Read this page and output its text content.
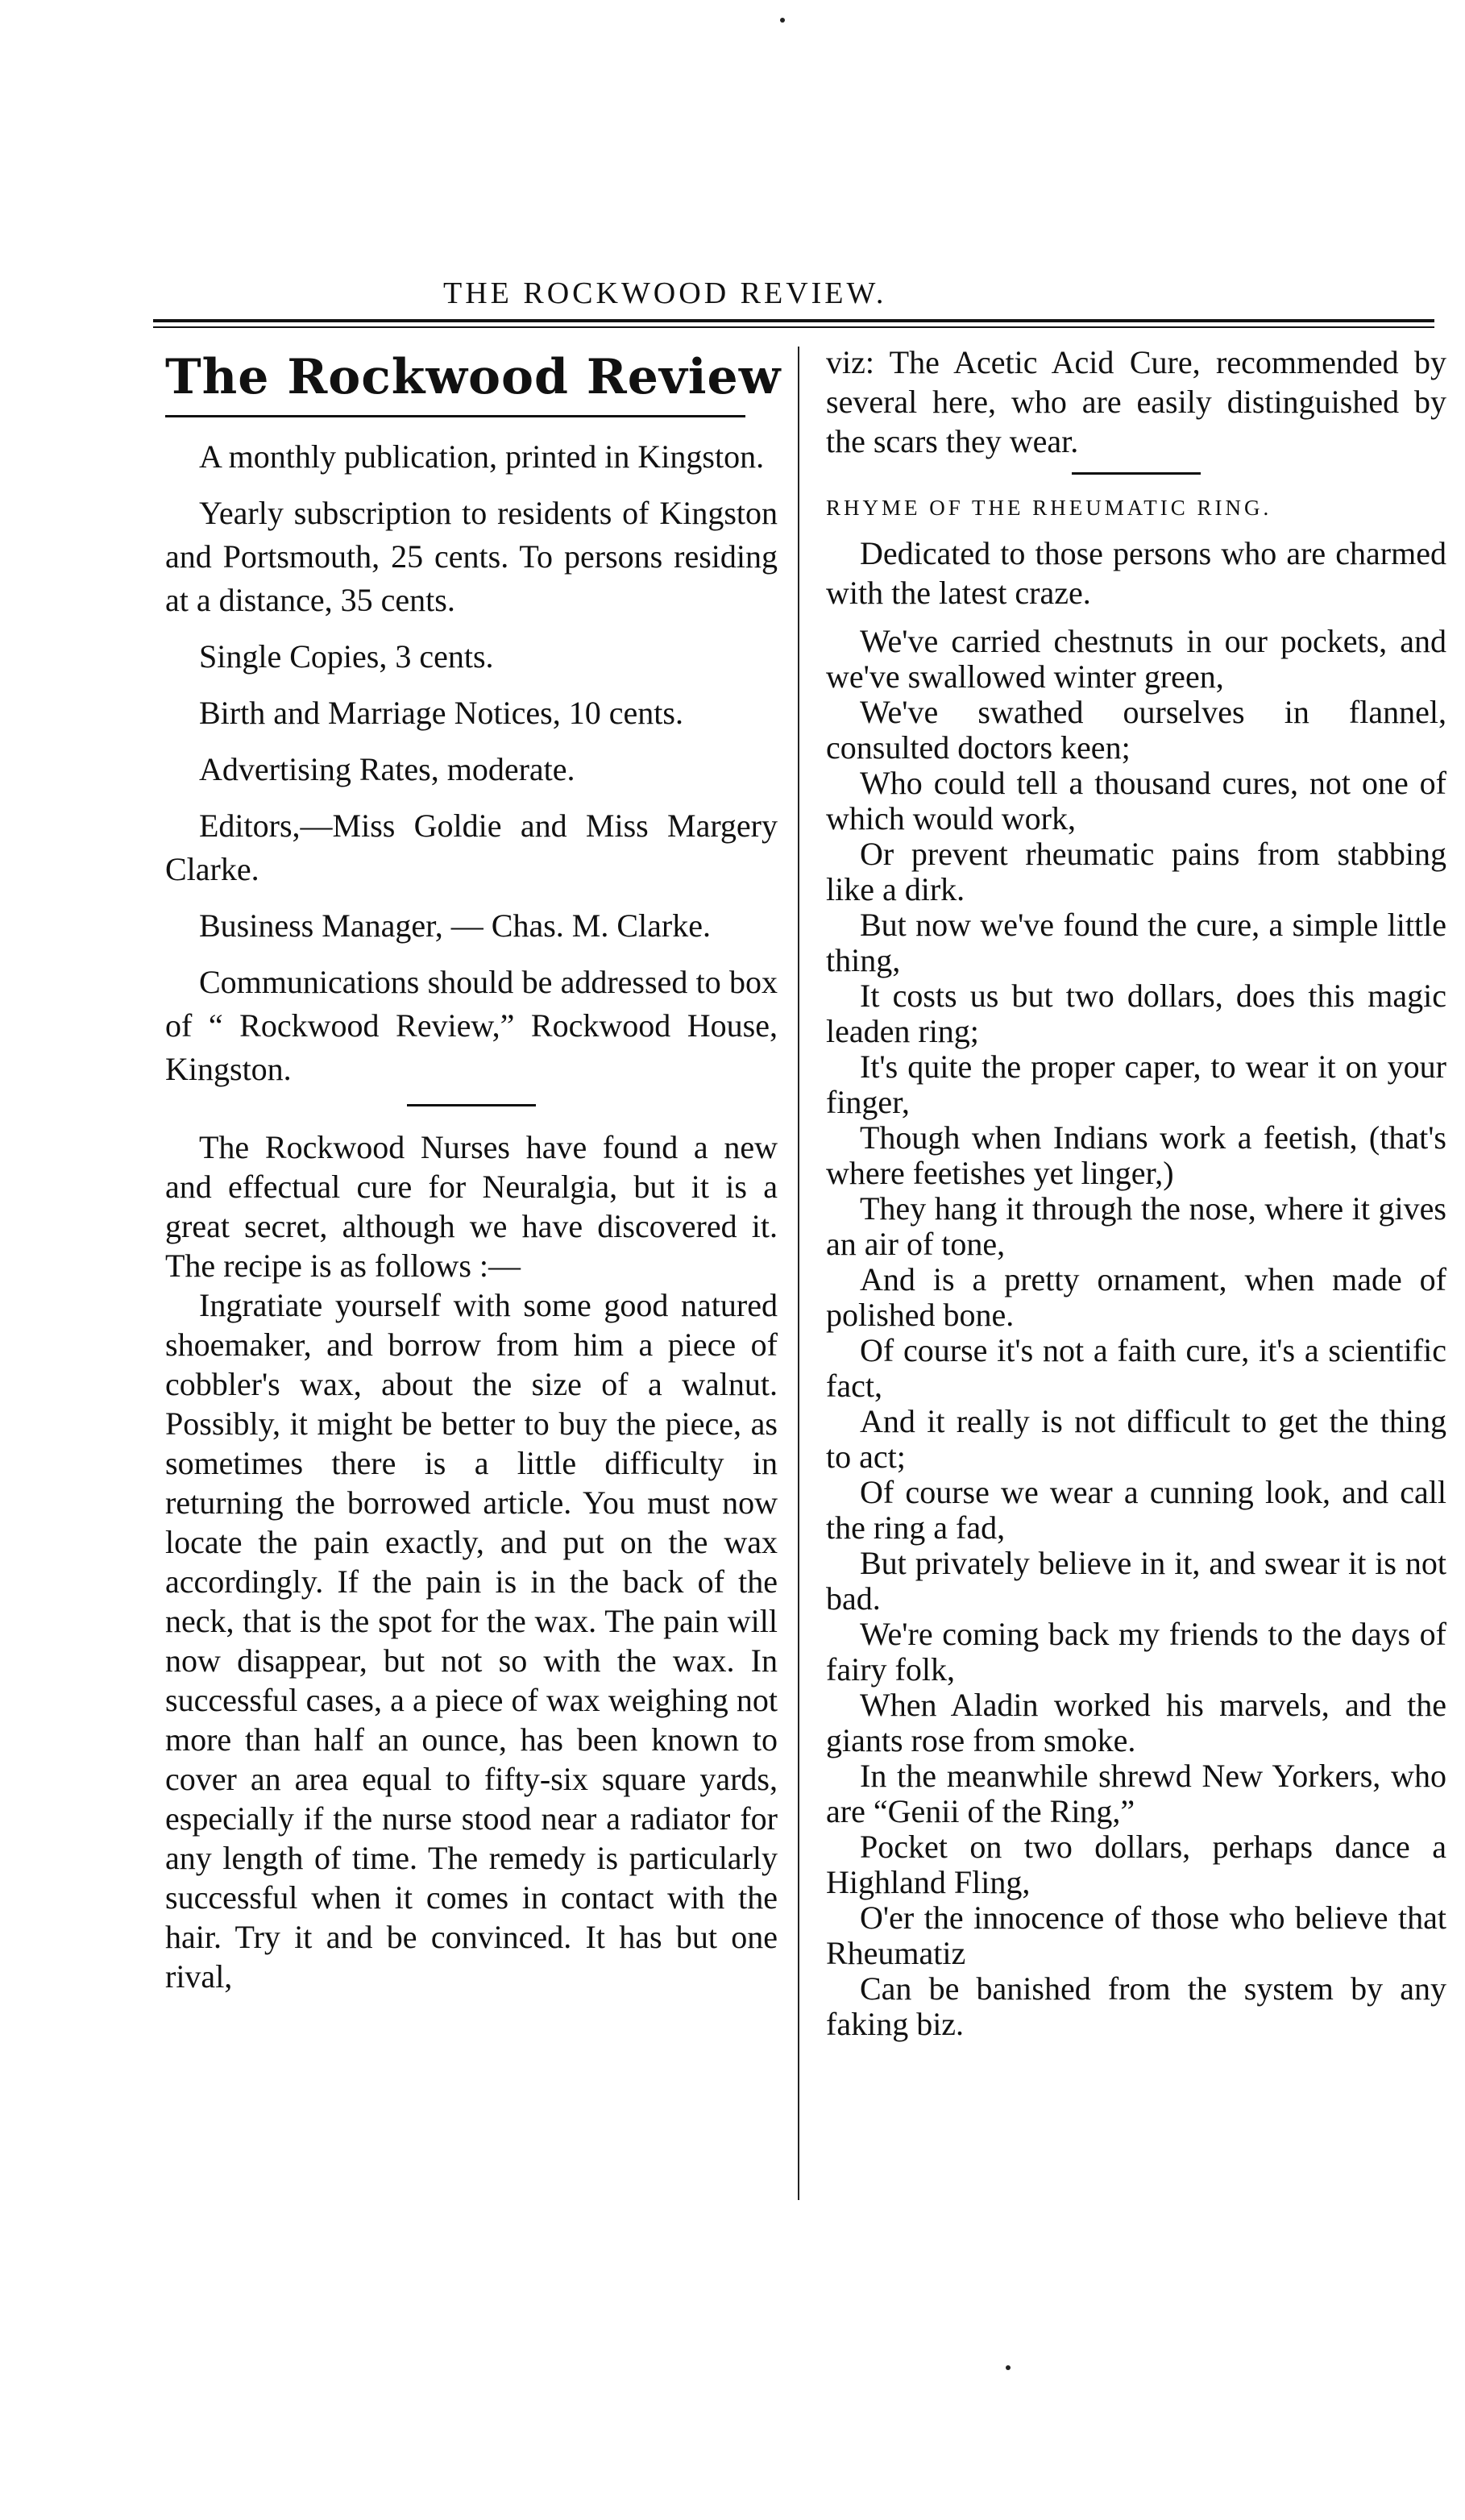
THE ROCKWOOD REVIEW.
The Rockwood Review

A monthly publication, printed in Kingston.

Yearly subscription to residents of Kingston and Portsmouth, 25 cents. To persons residing at a distance, 35 cents.

Single Copies, 3 cents.

Birth and Marriage Notices, 10 cents.

Advertising Rates, moderate.

Editors,—Miss Goldie and Miss Margery Clarke.

Business Manager, — Chas. M. Clarke.

Communications should be addressed to box of “ Rockwood Review,” Rockwood House, Kingston.

The Rockwood Nurses have found a new and effectual cure for Neuralgia, but it is a great secret, although we have discovered it. The recipe is as follows :—

Ingratiate yourself with some good natured shoemaker, and borrow from him a piece of cobbler's wax, about the size of a walnut. Possibly, it might be better to buy the piece, as sometimes there is a little difficulty in returning the borrowed article. You must now locate the pain exactly, and put on the wax accordingly. If the pain is in the back of the neck, that is the spot for the wax. The pain will now disappear, but not so with the wax. In successful cases, a a piece of wax weighing not more than half an ounce, has been known to cover an area equal to fifty-six square yards, especially if the nurse stood near a radiator for any length of time. The remedy is particularly successful when it comes in contact with the hair. Try it and be convinced. It has but one rival,

viz: The Acetic Acid Cure, recommended by several here, who are easily distinguished by the scars they wear.

RHYME OF THE RHEUMATIC RING.

Dedicated to those persons who are charmed with the latest craze.

We've carried chestnuts in our pockets, and we've swallowed winter green,

We've swathed ourselves in flannel, consulted doctors keen;

Who could tell a thousand cures, not one of which would work,

Or prevent rheumatic pains from stabbing like a dirk.

But now we've found the cure, a simple little thing,

It costs us but two dollars, does this magic leaden ring;

It's quite the proper caper, to wear it on your finger,

Though when Indians work a feetish, (that's where feetishes yet linger,)

They hang it through the nose, where it gives an air of tone,

And is a pretty ornament, when made of polished bone.

Of course it's not a faith cure, it's a scientific fact,

And it really is not difficult to get the thing to act;

Of course we wear a cunning look, and call the ring a fad,

But privately believe in it, and swear it is not bad.

We're coming back my friends to the days of fairy folk,

When Aladin worked his marvels, and the giants rose from smoke.

In the meanwhile shrewd New Yorkers, who are “Genii of the Ring,”

Pocket on two dollars, perhaps dance a Highland Fling,

O'er the innocence of those who believe that Rheumatiz

Can be banished from the system by any faking biz.
